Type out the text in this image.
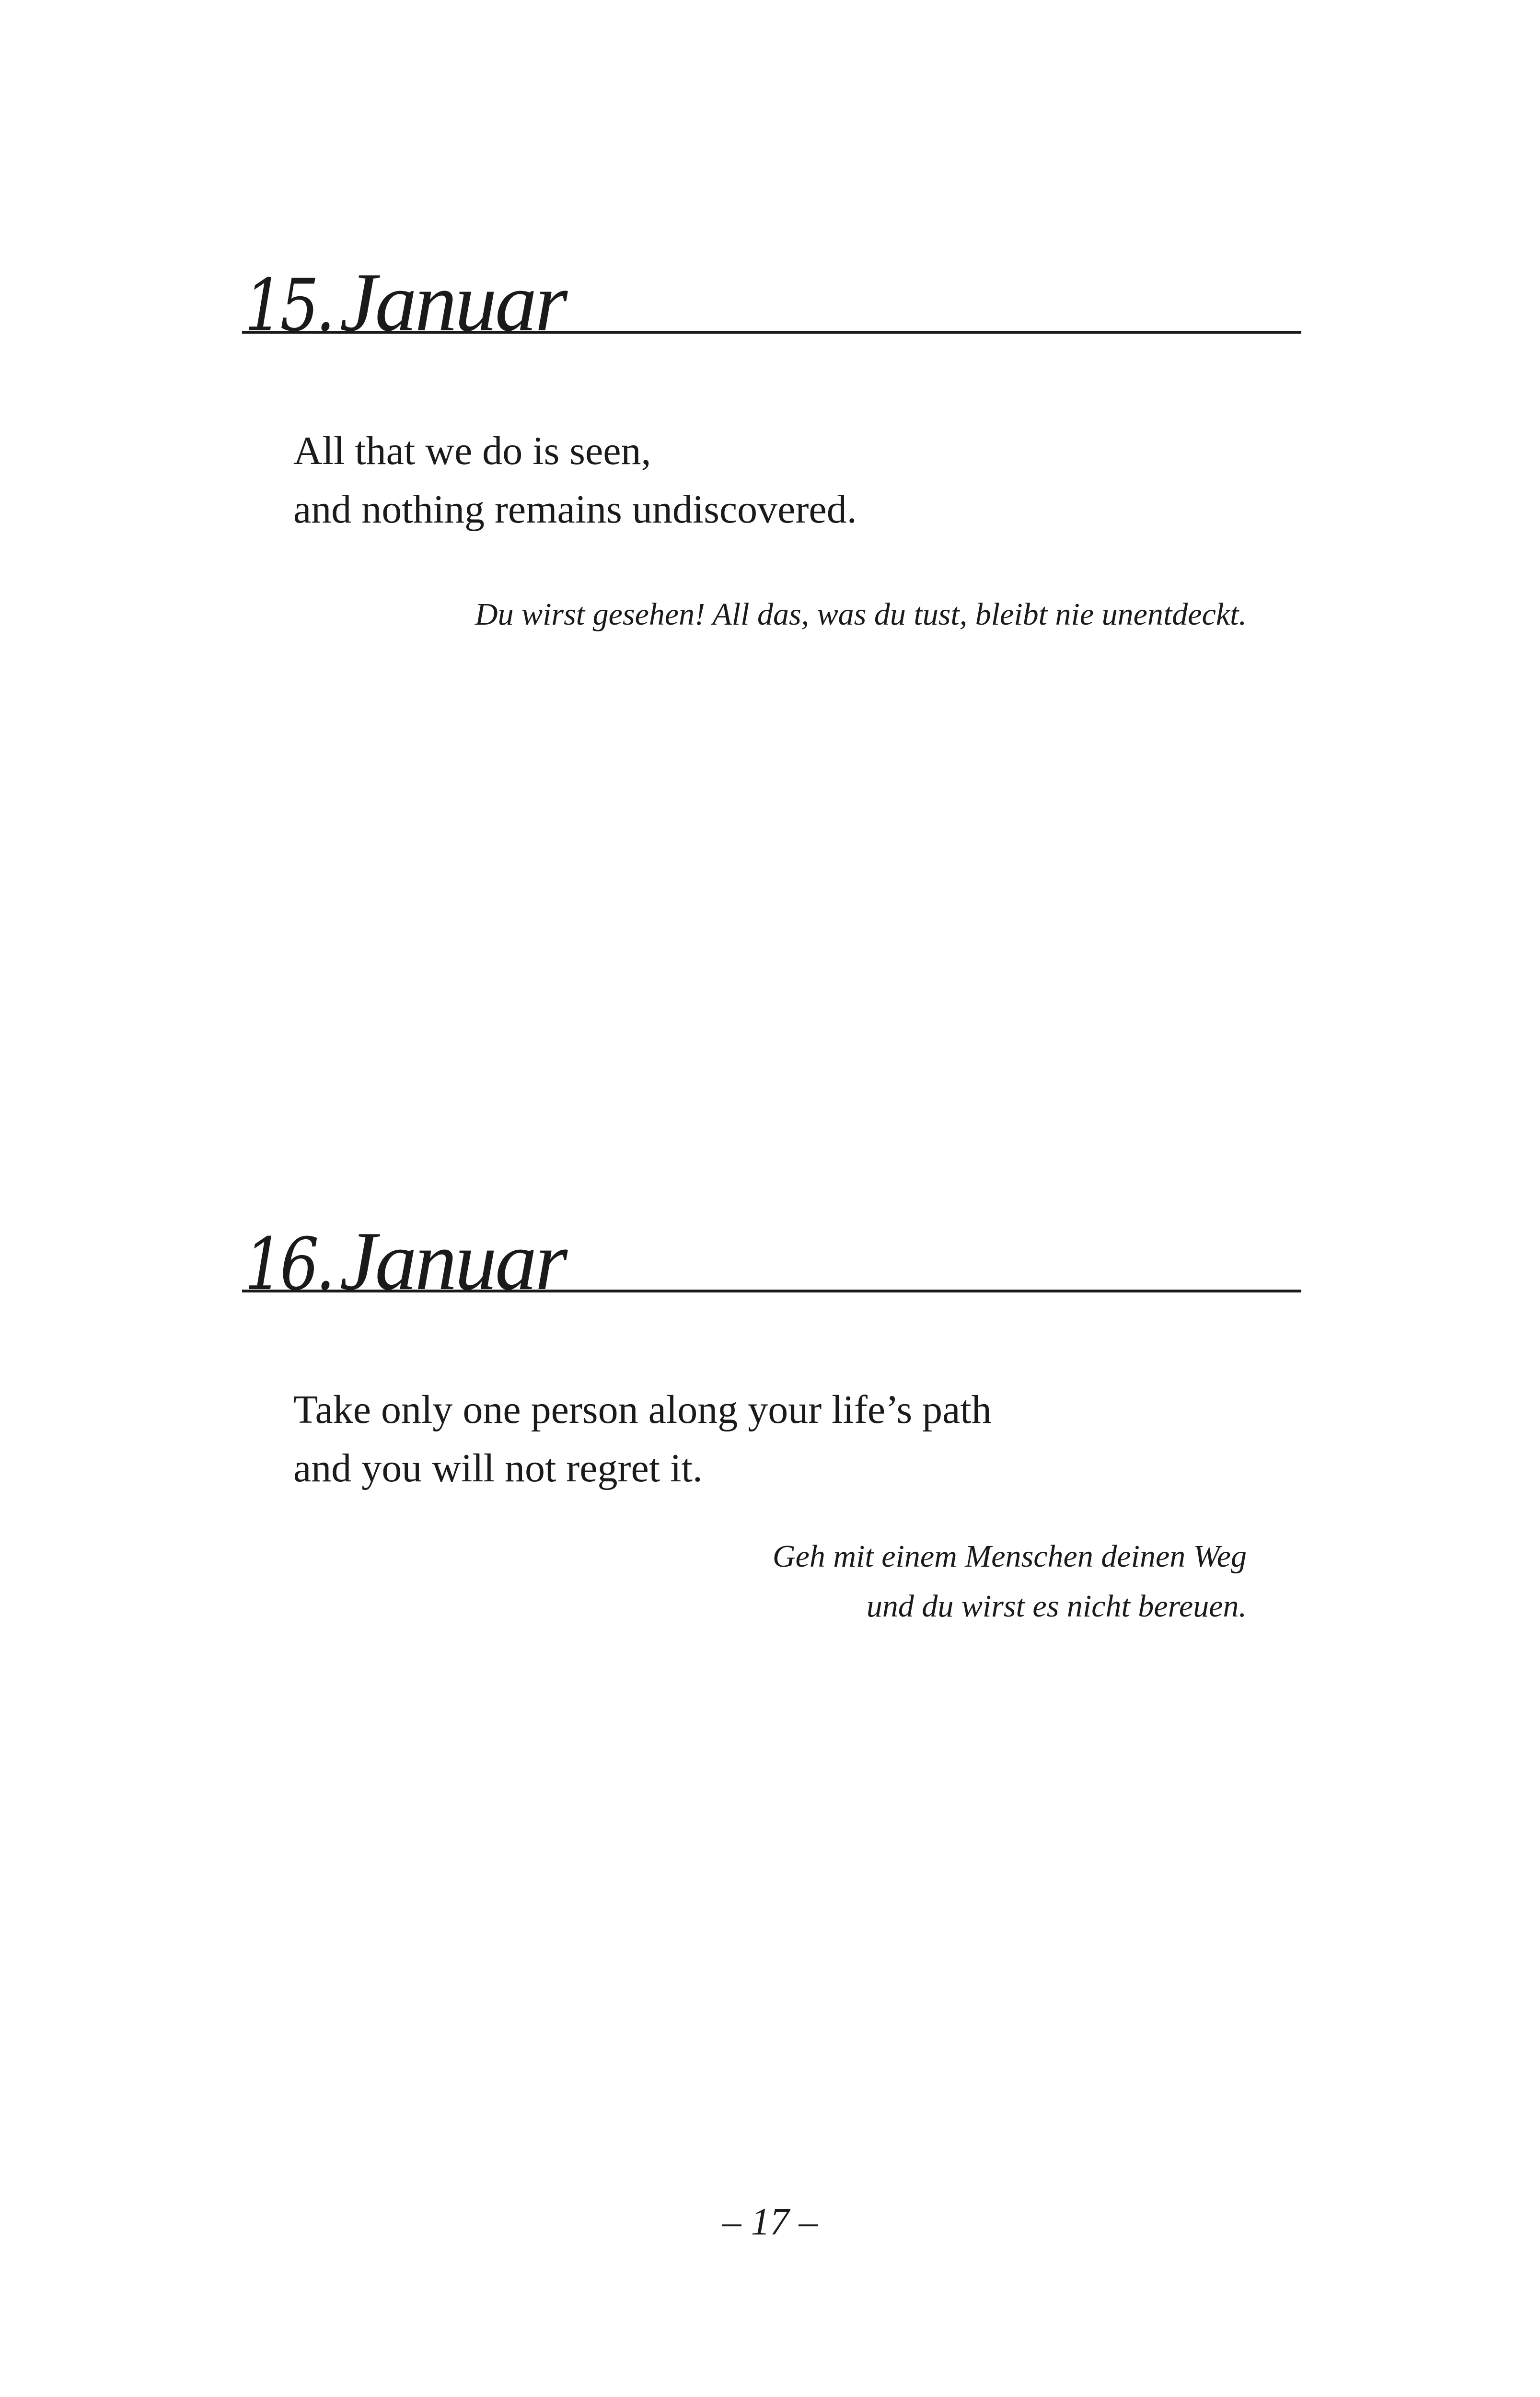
15. Januar
All that we do is seen,
and nothing remains undiscovered.
Du wirst gesehen! All das, was du tust, bleibt nie unentdeckt.
16. Januar
Take only one person along your life’s path
and you will not regret it.
Geh mit einem Menschen deinen Weg
und du wirst es nicht bereuen.
– 17 –
